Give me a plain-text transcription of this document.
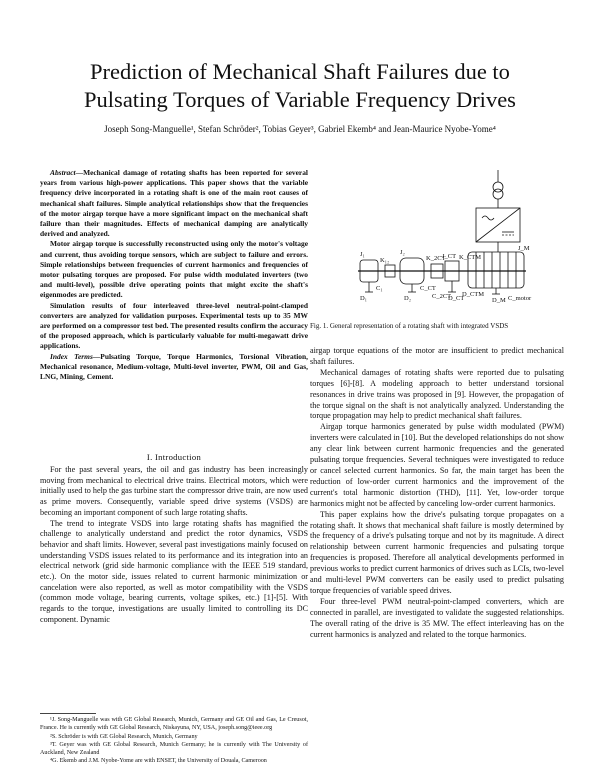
Prediction of Mechanical Shaft Failures due to
Pulsating Torques of Variable Frequency Drives
Joseph Song-Manguelle¹, Stefan Schröder², Tobias Geyer³, Gabriel Ekemb⁴ and Jean-Maurice Nyobe-Yome⁴

Abstract—Mechanical damage of rotating shafts has been reported for several years from various high-power applications. This paper shows that the variable frequency drive incorporated in a rotating shaft is one of the main root causes of mechanical shaft failures. Simple analytical relationships show that the frequencies of the motor airgap torque have a more significant impact on the mechanical shaft failure than their magnitudes. Effects of mechanical damping are analytically derived and analyzed.

Motor airgap torque is successfully reconstructed using only the motor's voltage and current, thus avoiding torque sensors, which are subject to failure and errors. Simple relationships between frequencies of current harmonics and frequencies of motor pulsating torques are proposed. For pulse width modulated inverters (two and multi-level), possible drive operating points that might excite the shaft's eigenmodes are predicted.

Simulation results of four interleaved three-level neutral-point-clamped converters are analyzed for validation purposes. Experimental tests up to 35 MW are performed on a compressor test bed. The presented results confirm the accuracy of the proposed approach, which is particularly valuable for multi-megawatt drive applications.

Index Terms—Pulsating Torque, Torque Harmonics, Torsional Vibration, Mechanical resonance, Medium-voltage, Multi-level inverter, PWM, Oil and Gas, LNG, Mining, Cement.

I. Introduction

For the past several years, the oil and gas industry has been increasingly moving from mechanical to electrical drive trains. Electrical motors, which were initially used to help the gas turbine start the compressor drive train, are now used as prime movers. Consequently, variable speed drive systems (VSDS) are becoming an important component of such large rotating shafts.

The trend to integrate VSDS into large rotating shafts has magnified the challenge to analytically understand and predict the rotor dynamics, VSDS behavior and shaft limits. However, several past investigations mainly focused on understanding VSDS issues related to its performance and its integration into an electrical network (grid side harmonic compliance with the IEEE 519 standard, etc.). On the motor side, issues related to current harmonic minimization or cancelation were also reported, as well as motor compatibility with the VSDS (common mode voltage, bearing currents, voltage spikes, etc.) [1]-[5]. With regards to the torque, investigations are usually limited to controlling its DC component. Dynamic

¹J. Song-Manguelle was with GE Global Research, Munich, Germany and GE Oil and Gas, Le Creusot, France. He is currently with GE Global Research, Niskayuna, NY, USA, joseph.song@ieee.org

²S. Schröder is with GE Global Research, Munich, Germany

³T. Geyer was with GE Global Research, Munich Germany; he is currently with The University of Auckland, New Zealand

⁴G. Ekemb and J.M. Nyobe-Yome are with ENSET, the University of Douala, Cameroon

J₁	J₂
J_CT
J_M
K₁₂	K_2CT K_CTM
D₁	D₂	D_CT	D_M
C₁	C_CT
C_2CT	C_motor
D_CTM
Fig. 1. General representation of a rotating shaft with integrated VSDS

airgap torque equations of the motor are insufficient to predict mechanical shaft failures.

Mechanical damages of rotating shafts were reported due to pulsating torques [6]-[8]. A modeling approach to better understand torsional resonances in drive trains was proposed in [9]. However, the propagation of the torque signal on the shaft is not analytically analyzed. Understanding the torque propagation may help to predict mechanical shaft failures.

Airgap torque harmonics generated by pulse width modulated (PWM) inverters were calculated in [10]. But the developed relationships do not show any clear link between current harmonic frequencies and the generated pulsating torque frequencies. Several techniques were investigated to reduce or cancel selected current harmonics. So far, the main target has been the reduction of low-order current harmonics and the improvement of the current's total harmonic distortion (THD), [11]. Yet, low-order torque harmonics might not be affected by canceling low-order current harmonics.

This paper explains how the drive's pulsating torque propagates on a rotating shaft. It shows that mechanical shaft failure is mostly determined by the frequency of a drive's pulsating torque and not by its magnitude. A direct relationship between current harmonic frequencies and pulsating torque frequencies is proposed. Therefore all analytical developments performed in previous works to predict current harmonics of drives such as LCIs, two-level and multi-level PWM converters can be easily used to predict pulsating torque frequencies of variable speed drives.

Four three-level PWM neutral-point-clamped converters, which are connected in parallel, are investigated to validate the suggested relationships. The overall rating of the drive is 35 MW. The effect interleaving has on the current harmonics is analyzed and related to the torque harmonics.
